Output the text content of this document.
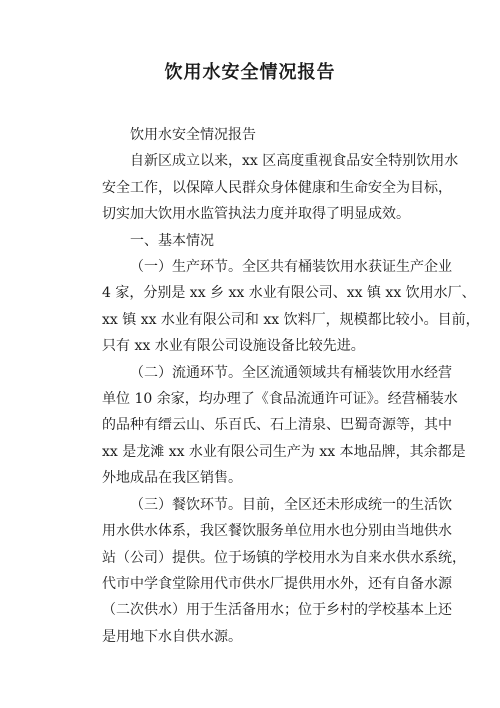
饮用水安全情况报告
饮用水安全情况报告
自新区成立以来，xx 区高度重视食品安全特别饮用水
安全工作，以保障人民群众身体健康和生命安全为目标，
切实加大饮用水监管执法力度并取得了明显成效。
一、基本情况
（一）生产环节。全区共有桶装饮用水获证生产企业
4 家，分别是 xx 乡 xx 水业有限公司、xx 镇 xx 饮用水厂、
xx 镇 xx 水业有限公司和 xx 饮料厂，规模都比较小。目前，
只有 xx 水业有限公司设施设备比较先进。
（二）流通环节。全区流通领域共有桶装饮用水经营
单位 10 余家，均办理了《食品流通许可证》。经营桶装水
的品种有缙云山、乐百氏、石上清泉、巴蜀奇源等，其中
xx 是龙滩 xx 水业有限公司生产为 xx 本地品牌，其余都是
外地成品在我区销售。
（三）餐饮环节。目前，全区还未形成统一的生活饮
用水供水体系，我区餐饮服务单位用水也分别由当地供水
站（公司）提供。位于场镇的学校用水为自来水供水系统，
代市中学食堂除用代市供水厂提供用水外，还有自备水源
（二次供水）用于生活备用水；位于乡村的学校基本上还
是用地下水自供水源。
